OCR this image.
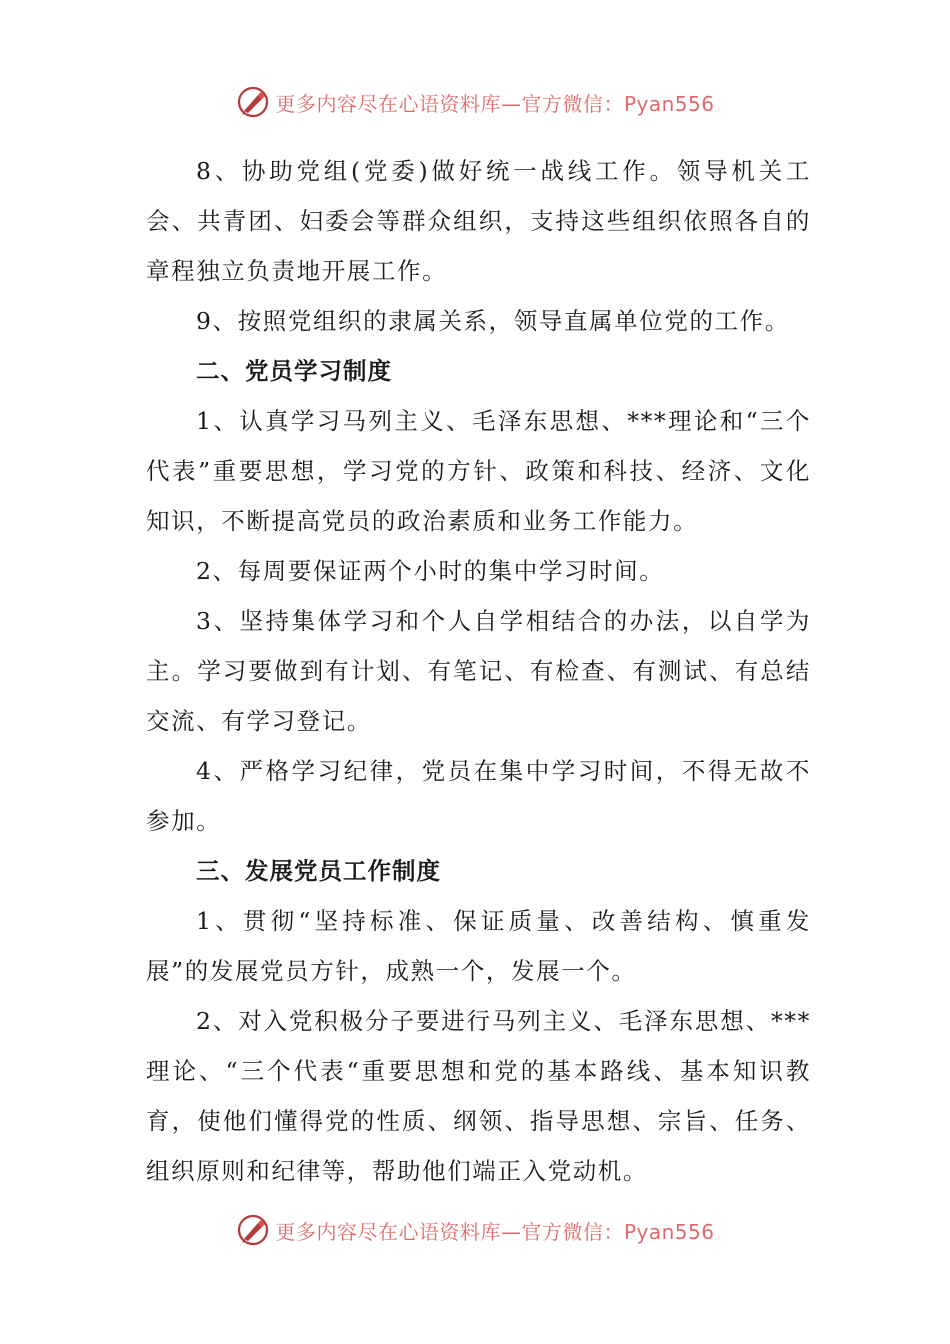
更多内容尽在心语资料库—官方微信：Pyan556

8、协助党组(党委)做好统一战线工作。领导机关工会、共青团、妇委会等群众组织，支持这些组织依照各自的章程独立负责地开展工作。

9、按照党组织的隶属关系，领导直属单位党的工作。

二、党员学习制度

1、认真学习马列主义、毛泽东思想、***理论和“三个代表”重要思想，学习党的方针、政策和科技、经济、文化知识，不断提高党员的政治素质和业务工作能力。

2、每周要保证两个小时的集中学习时间。

3、坚持集体学习和个人自学相结合的办法，以自学为主。学习要做到有计划、有笔记、有检查、有测试、有总结交流、有学习登记。

4、严格学习纪律，党员在集中学习时间，不得无故不参加。

三、发展党员工作制度

1、贯彻“坚持标准、保证质量、改善结构、慎重发展”的发展党员方针，成熟一个，发展一个。

2、对入党积极分子要进行马列主义、毛泽东思想、***理论、“三个代表“重要思想和党的基本路线、基本知识教育，使他们懂得党的性质、纲领、指导思想、宗旨、任务、组织原则和纪律等，帮助他们端正入党动机。

更多内容尽在心语资料库—官方微信：Pyan556
